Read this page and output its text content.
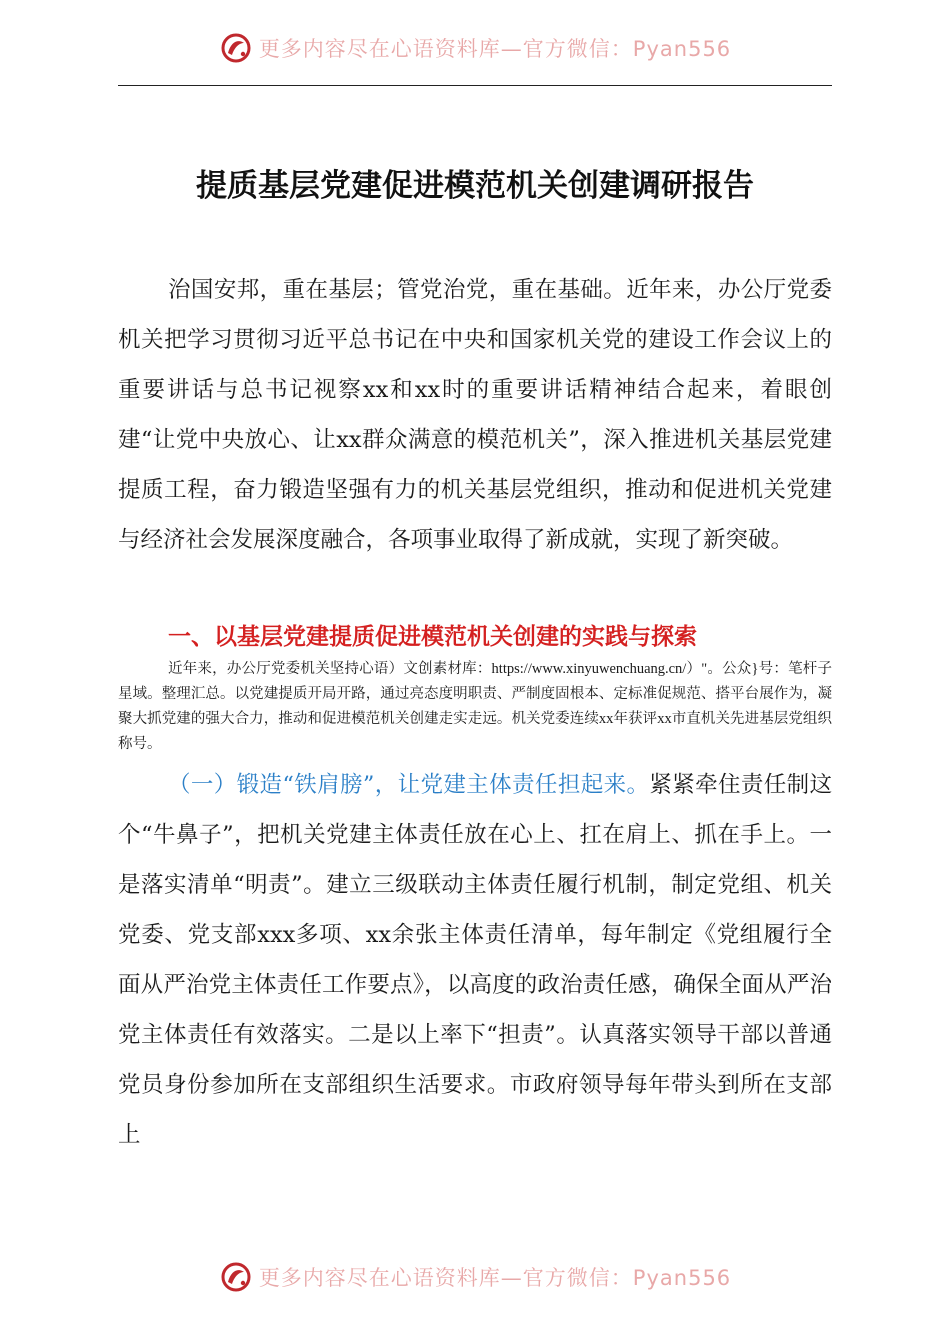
更多内容尽在心语资料库—官方微信：Pyan556
提质基层党建促进模范机关创建调研报告

治国安邦，重在基层；管党治党，重在基础。近年来，办公厅党委机关把学习贯彻习近平总书记在中央和国家机关党的建设工作会议上的重要讲话与总书记视察xx和xx时的重要讲话精神结合起来，着眼创建“让党中央放心、让xx群众满意的模范机关”，深入推进机关基层党建提质工程，奋力锻造坚强有力的机关基层党组织，推动和促进机关党建与经济社会发展深度融合，各项事业取得了新成就，实现了新突破。

一、以基层党建提质促进模范机关创建的实践与探索

近年来，办公厅党委机关坚持心语）文创素材库：https://www.xinyuwenchuang.cn/）"。公众}号：笔杆子星域。整理汇总。以党建提质开局开路，通过亮态度明职责、严制度固根本、定标准促规范、搭平台展作为，凝聚大抓党建的强大合力，推动和促进模范机关创建走实走远。机关党委连续xx年获评xx市直机关先进基层党组织称号。

（一）锻造“铁肩膀”，让党建主体责任担起来。紧紧牵住责任制这个“牛鼻子”，把机关党建主体责任放在心上、扛在肩上、抓在手上。一是落实清单“明责”。建立三级联动主体责任履行机制，制定党组、机关党委、党支部xxx多项、xx余张主体责任清单，每年制定《党组履行全面从严治党主体责任工作要点》，以高度的政治责任感，确保全面从严治党主体责任有效落实。二是以上率下“担责”。认真落实领导干部以普通党员身份参加所在支部组织生活要求。市政府领导每年带头到所在支部上

更多内容尽在心语资料库—官方微信：Pyan556
